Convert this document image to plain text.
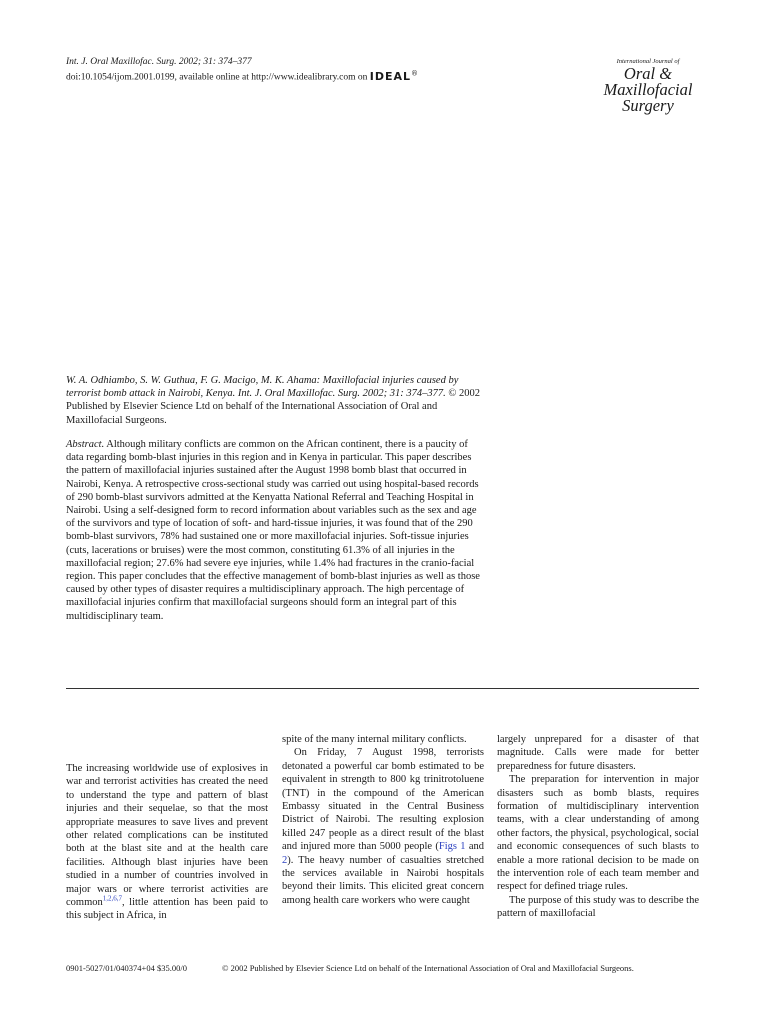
Int. J. Oral Maxillofac. Surg. 2002; 31: 374–377
doi:10.1054/ijom.2001.0199, available online at http://www.idealibrary.com on IDEAL®
International Journal of
Oral &
Maxillofacial
Surgery
W. A. Odhiambo, S. W. Guthua, F. G. Macigo, M. K. Ahama: Maxillofacial injuries caused by terrorist bomb attack in Nairobi, Kenya. Int. J. Oral Maxillofac. Surg. 2002; 31: 374–377. © 2002 Published by Elsevier Science Ltd on behalf of the International Association of Oral and Maxillofacial Surgeons.
Abstract. Although military conflicts are common on the African continent, there is a paucity of data regarding bomb-blast injuries in this region and in Kenya in particular. This paper describes the pattern of maxillofacial injuries sustained after the August 1998 bomb blast that occurred in Nairobi, Kenya. A retrospective cross-sectional study was carried out using hospital-based records of 290 bomb-blast survivors admitted at the Kenyatta National Referral and Teaching Hospital in Nairobi. Using a self-designed form to record information about variables such as the sex and age of the survivors and type of location of soft- and hard-tissue injuries, it was found that of the 290 bomb-blast survivors, 78% had sustained one or more maxillofacial injuries. Soft-tissue injuries (cuts, lacerations or bruises) were the most common, constituting 61.3% of all injuries in the maxillofacial region; 27.6% had severe eye injuries, while 1.4% had fractures in the cranio-facial region. This paper concludes that the effective management of bomb-blast injuries as well as those caused by other types of disaster requires a multidisciplinary approach. The high percentage of maxillofacial injuries confirm that maxillofacial surgeons should form an integral part of this multidisciplinary team.

The increasing worldwide use of explosives in war and terrorist activities has created the need to understand the type and pattern of blast injuries and their sequelae, so that the most appropriate measures to save lives and prevent other related complications can be instituted both at the blast site and at the health care facilities. Although blast injuries have been studied in a number of countries involved in major wars or where terrorist activities are common$^{1,2,6,7}$, little attention has been paid to this subject in Africa, in

spite of the many internal military conflicts.

On Friday, 7 August 1998, terrorists detonated a powerful car bomb estimated to be equivalent in strength to 800 kg trinitrotoluene (TNT) in the compound of the American Embassy situated in the Central Business District of Nairobi. The resulting explosion killed 247 people as a direct result of the blast and injured more than 5000 people (Figs 1 and 2). The heavy number of casualties stretched the services available in Nairobi hospitals beyond their limits. This elicited great concern among health care workers who were caught

largely unprepared for a disaster of that magnitude. Calls were made for better preparedness for future disasters.

The preparation for intervention in major disasters such as bomb blasts, requires formation of multidisciplinary intervention teams, with a clear understanding of among other factors, the physical, psychological, social and economic consequences of such blasts to enable a more rational decision to be made on the intervention role of each team member and respect for defined triage rules.

The purpose of this study was to describe the pattern of maxillofacial

0901-5027/01/040374+04 $35.00/0	© 2002 Published by Elsevier Science Ltd on behalf of the International Association of Oral and Maxillofacial Surgeons.
